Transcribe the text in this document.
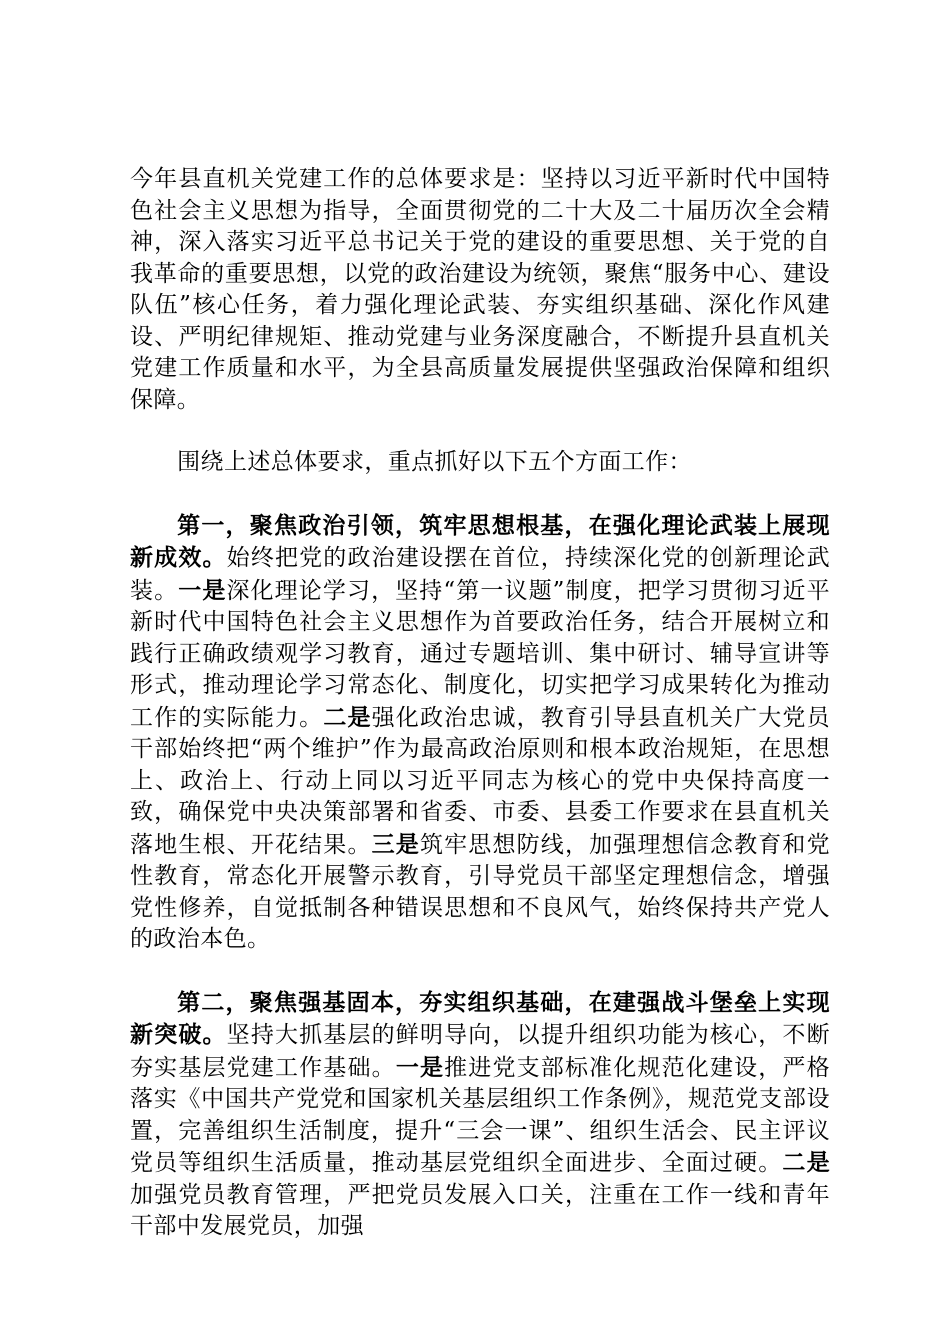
今年县直机关党建工作的总体要求是：坚持以习近平新时代中国特色社会主义思想为指导，全面贯彻党的二十大及二十届历次全会精神，深入落实习近平总书记关于党的建设的重要思想、关于党的自我革命的重要思想，以党的政治建设为统领，聚焦“服务中心、建设队伍”核心任务，着力强化理论武装、夯实组织基础、深化作风建设、严明纪律规矩、推动党建与业务深度融合，不断提升县直机关党建工作质量和水平，为全县高质量发展提供坚强政治保障和组织保障。

围绕上述总体要求，重点抓好以下五个方面工作：

第一，聚焦政治引领，筑牢思想根基，在强化理论武装上展现新成效。始终把党的政治建设摆在首位，持续深化党的创新理论武装。一是深化理论学习，坚持“第一议题”制度，把学习贯彻习近平新时代中国特色社会主义思想作为首要政治任务，结合开展树立和践行正确政绩观学习教育，通过专题培训、集中研讨、辅导宣讲等形式，推动理论学习常态化、制度化，切实把学习成果转化为推动工作的实际能力。二是强化政治忠诚，教育引导县直机关广大党员干部始终把“两个维护”作为最高政治原则和根本政治规矩，在思想上、政治上、行动上同以习近平同志为核心的党中央保持高度一致，确保党中央决策部署和省委、市委、县委工作要求在县直机关落地生根、开花结果。三是筑牢思想防线，加强理想信念教育和党性教育，常态化开展警示教育，引导党员干部坚定理想信念，增强党性修养，自觉抵制各种错误思想和不良风气，始终保持共产党人的政治本色。

第二，聚焦强基固本，夯实组织基础，在建强战斗堡垒上实现新突破。坚持大抓基层的鲜明导向，以提升组织功能为核心，不断夯实基层党建工作基础。一是推进党支部标准化规范化建设，严格落实《中国共产党党和国家机关基层组织工作条例》，规范党支部设置，完善组织生活制度，提升“三会一课”、组织生活会、民主评议党员等组织生活质量，推动基层党组织全面进步、全面过硬。二是加强党员教育管理，严把党员发展入口关，注重在工作一线和青年干部中发展党员，加强
